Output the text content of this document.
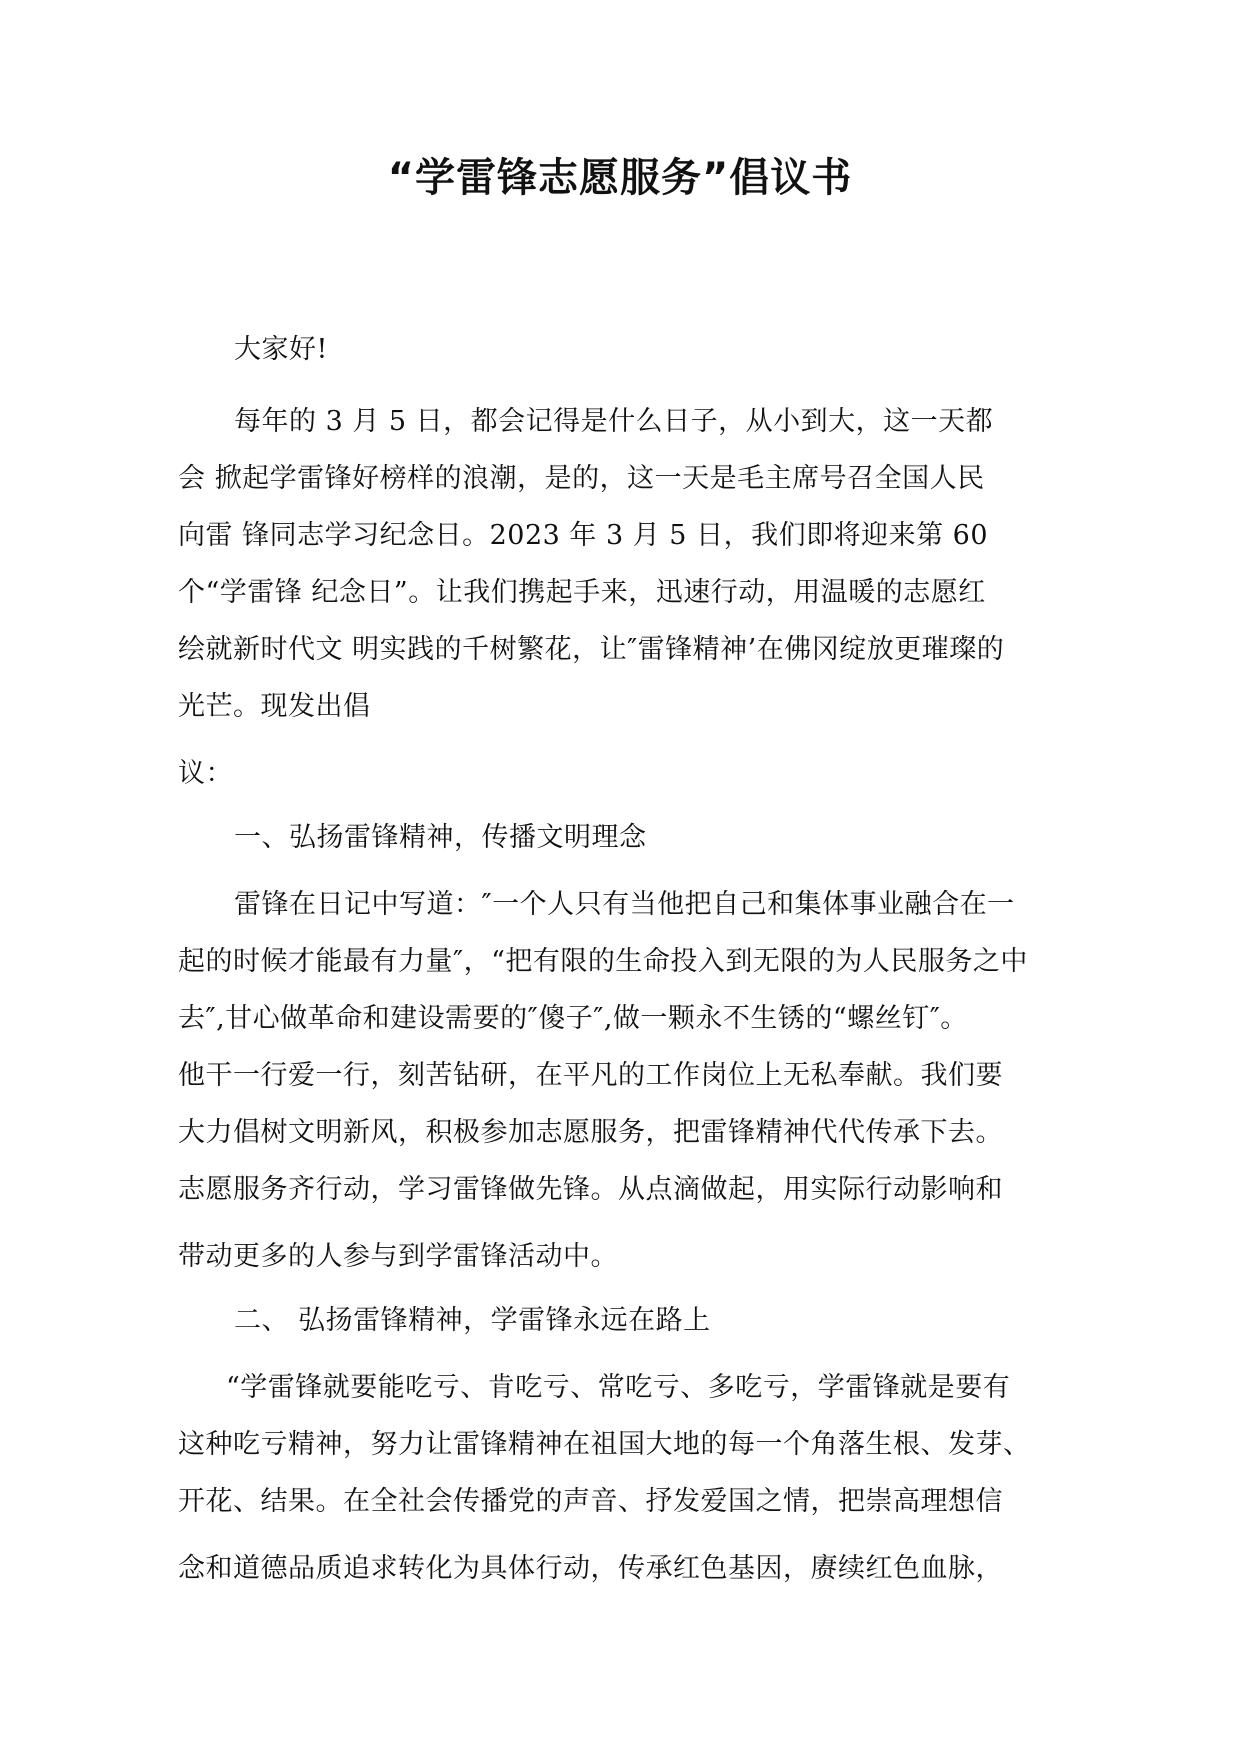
“学雷锋志愿服务”倡议书
大家好!
每年的 3 月 5 日，都会记得是什么日子，从小到大，这一天都
会 掀起学雷锋好榜样的浪潮，是的，这一天是毛主席号召全国人民
向雷 锋同志学习纪念日。2023 年 3 月 5 日，我们即将迎来第 60
个“学雷锋 纪念日”。让我们携起手来，迅速行动，用温暖的志愿红
绘就新时代文 明实践的千树繁花，让″雷锋精神’在佛冈绽放更璀璨的
光芒。现发出倡
议：
一、弘扬雷锋精神，传播文明理念
雷锋在日记中写道：″一个人只有当他把自己和集体事业融合在一
起的时候才能最有力量″，“把有限的生命投入到无限的为人民服务之中
去″,甘心做革命和建设需要的″傻子″,做一颗永不生锈的“螺丝钉″。
他干一行爱一行，刻苦钻研，在平凡的工作岗位上无私奉献。我们要
大力倡树文明新风，积极参加志愿服务，把雷锋精神代代传承下去。
志愿服务齐行动，学习雷锋做先锋。从点滴做起，用实际行动影响和
带动更多的人参与到学雷锋活动中。
二、 弘扬雷锋精神，学雷锋永远在路上
“学雷锋就要能吃亏、肯吃亏、常吃亏、多吃亏，学雷锋就是要有
这种吃亏精神，努力让雷锋精神在祖国大地的每一个角落生根、发芽、
开花、结果。在全社会传播党的声音、抒发爱国之情，把崇高理想信
念和道德品质追求转化为具体行动，传承红色基因，赓续红色血脉，
